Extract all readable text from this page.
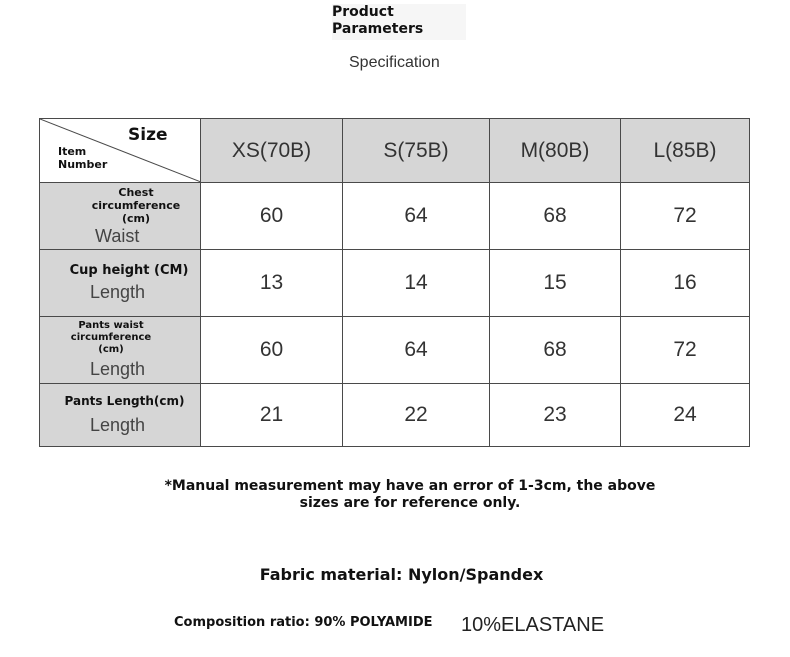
Product Parameters
Specification
Size
Item Number	XS(70B)	S(75B)	M(80B)	L(85B)

Chest circumference (cm)
Waist	60	64	68	72

Cup height (CM)
Length	13	14	15	16

Pants waist circumference (cm)
Length	60	64	68	72

Pants Length(cm)
Length	21	22	23	24
*Manual measurement may have an error of 1-3cm, the above sizes are for reference only.
Fabric material: Nylon/Spandex
Composition ratio: 90% POLYAMIDE 10%ELASTANE
